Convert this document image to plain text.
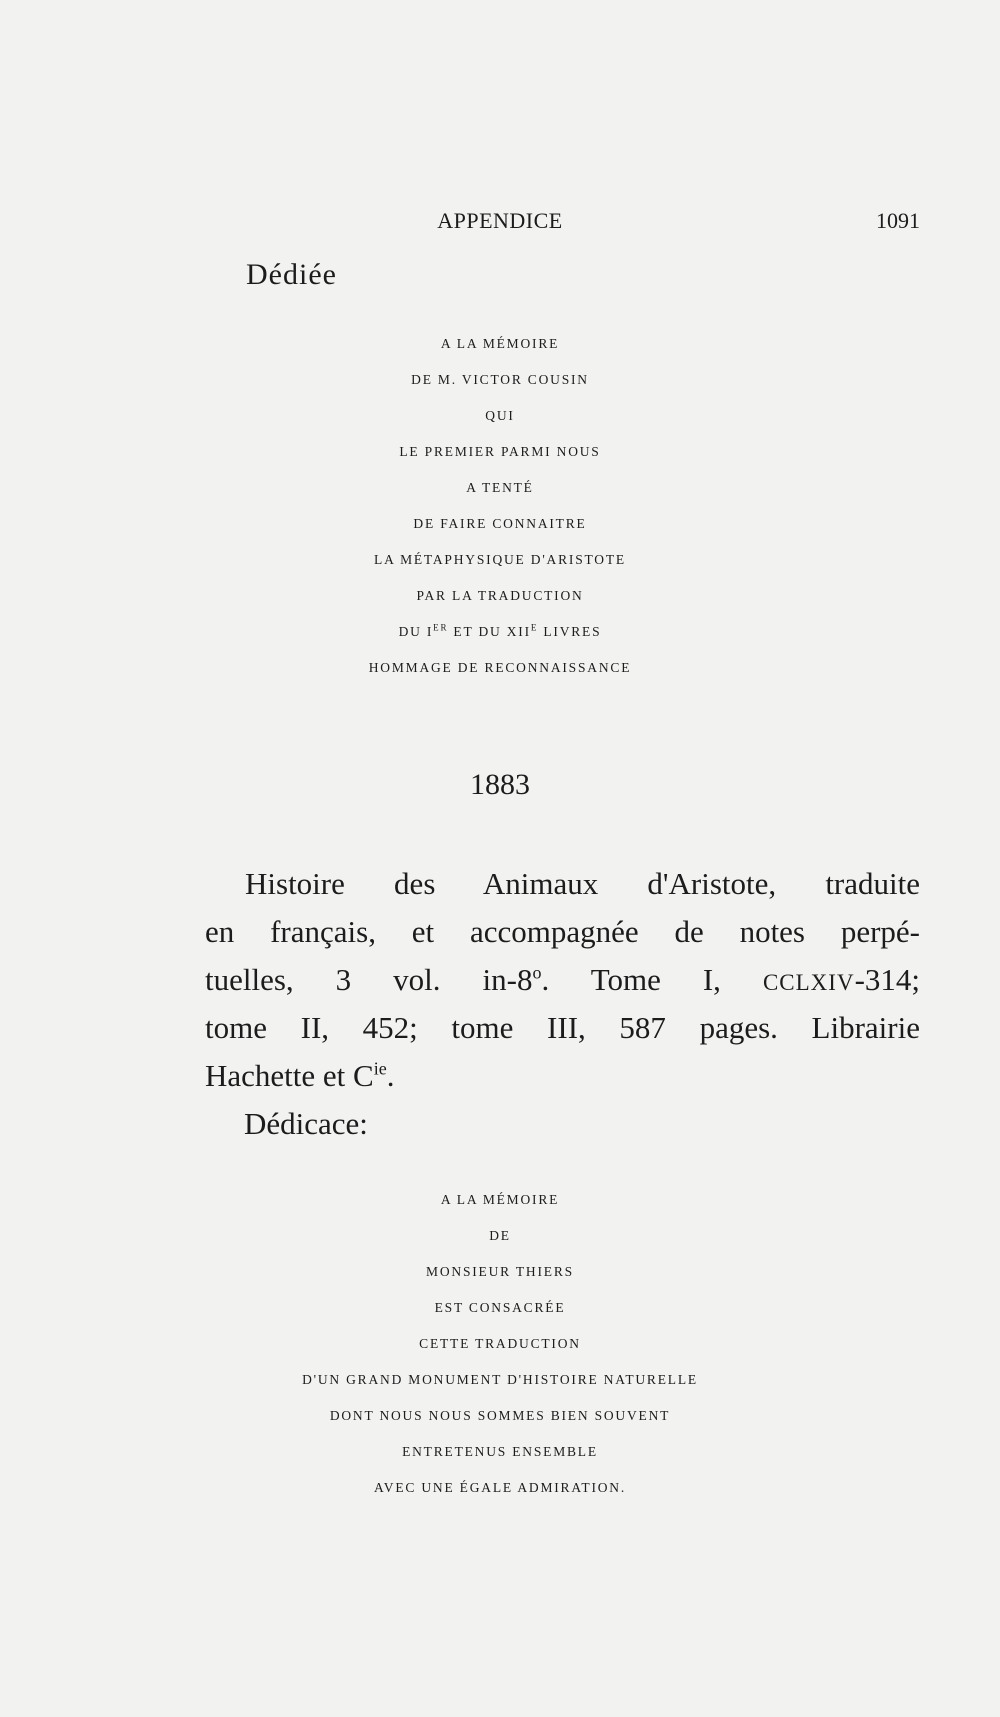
APPENDICE	1091
Dédiée
A LA MÉMOIRE
DE M. VICTOR COUSIN
QUI
LE PREMIER PARMI NOUS
A TENTÉ
DE FAIRE CONNAITRE
LA MÉTAPHYSIQUE D'ARISTOTE
PAR LA TRADUCTION
DU IER ET DU $XII^E$ LIVRES
HOMMAGE DE RECONNAISSANCE
1883
Histoire des Animaux d'Aristote, traduite
en français, et accompagnée de notes perpé-
tuelles, 3 vol. in-8$^o$. Tome I, CCLXIV-314;
tome II, 452; tome III, 587 pages. Librairie
Hachette et $C^{ie}$.
Dédicace:
A LA MÉMOIRE
DE
MONSIEUR THIERS
EST CONSACRÉE
CETTE TRADUCTION
D'UN GRAND MONUMENT D'HISTOIRE NATURELLE
DONT NOUS NOUS SOMMES BIEN SOUVENT
ENTRETENUS ENSEMBLE
AVEC UNE ÉGALE ADMIRATION.
